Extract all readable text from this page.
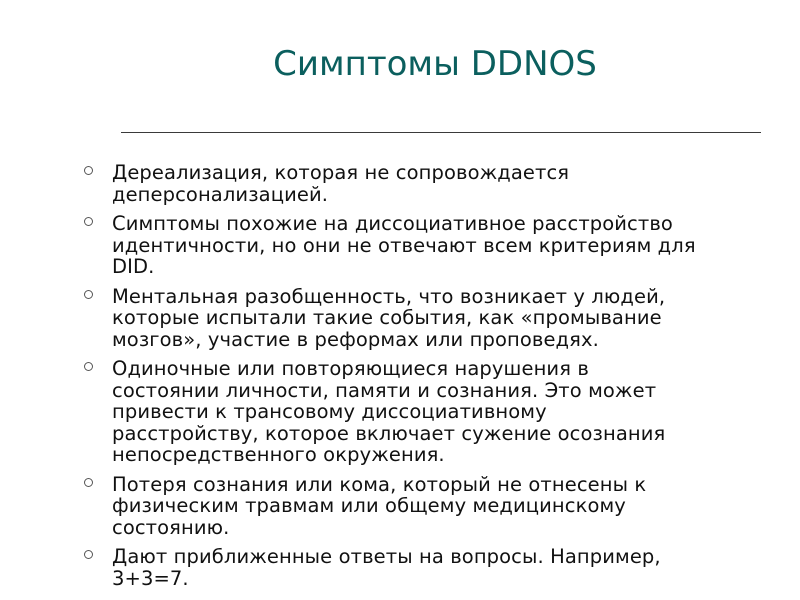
Симптомы DDNOS
Дереализация, которая не сопровождается
деперсонализацией.
Симптомы похожие на диссоциативное расстройство
идентичности, но они не отвечают всем критериям для
DID.
Ментальная разобщенность, что возникает у людей,
которые испытали такие события, как «промывание
мозгов», участие в реформах или проповедях.
Одиночные или повторяющиеся нарушения в
состоянии личности, памяти и сознания. Это может
привести к трансовому диссоциативному
расстройству, которое включает сужение осознания
непосредственного окружения.
Потеря сознания или кома, который не отнесены к
физическим травмам или общему медицинскому
состоянию.
Дают приближенные ответы на вопросы. Например,
3+3=7.
